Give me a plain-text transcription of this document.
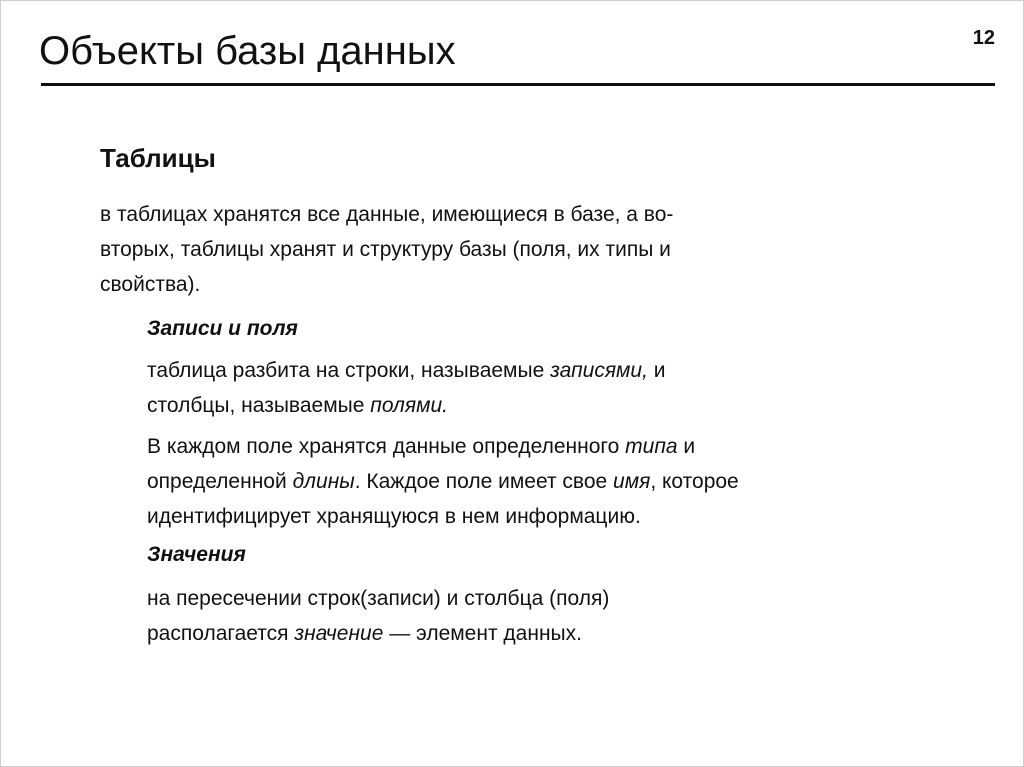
Объекты базы данных	12
Таблицы

в таблицах хранятся все данные, имеющиеся в базе, а во-
вторых, таблицы хранят и структуру базы (поля, их типы и
свойства).

Записи и поля

таблица разбита на строки, называемые записями, и
столбцы, называемые полями.

В каждом поле хранятся данные определенного типа и
определенной длины. Каждое поле имеет свое имя, которое
идентифицирует хранящуюся в нем информацию.

Значения

на пересечении строк(записи) и столбца (поля)
располагается значение — элемент данных.
